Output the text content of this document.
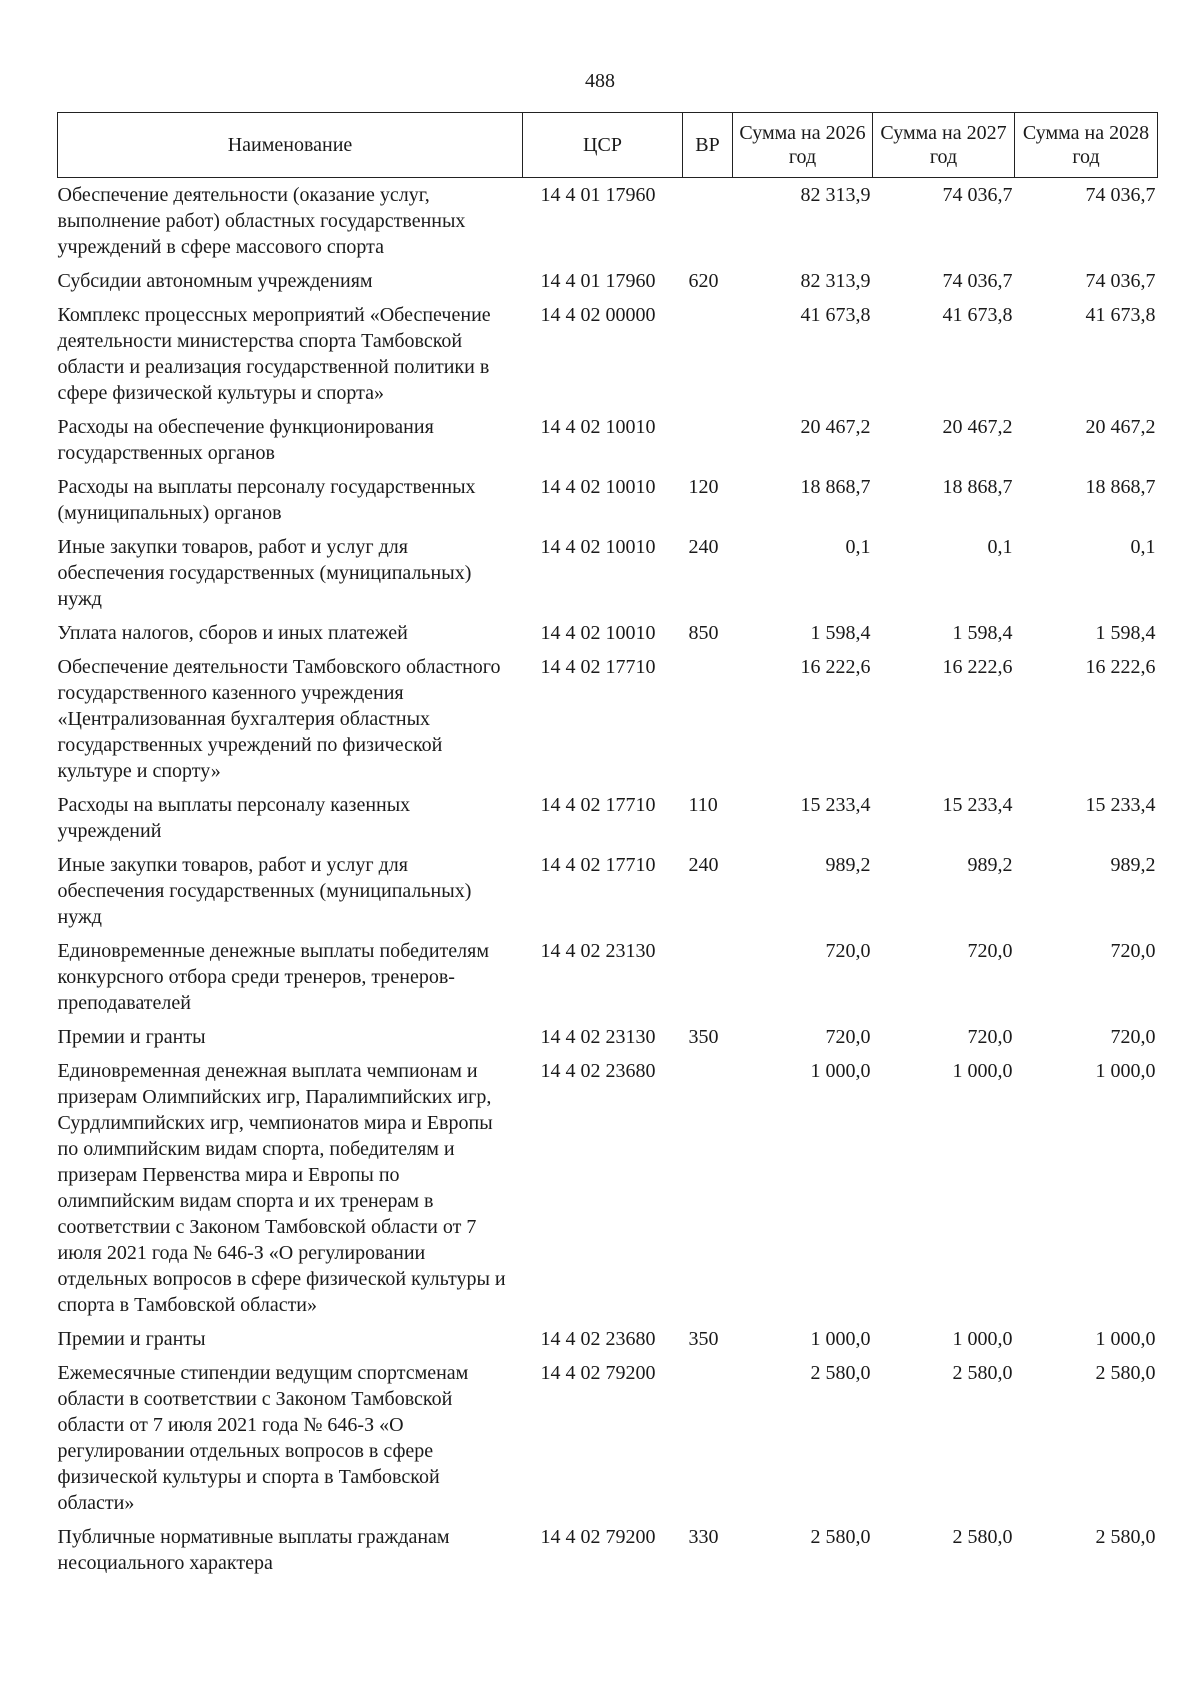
488
Наименование	ЦСР	ВР	Сумма на 2026 год	Сумма на 2027 год	Сумма на 2028 год
Обеспечение деятельности (оказание услуг, выполнение работ) областных государственных учреждений в сфере массового спорта	14 4 01 17960		82 313,9	74 036,7	74 036,7
Субсидии автономным учреждениям	14 4 01 17960	620	82 313,9	74 036,7	74 036,7
Комплекс процессных мероприятий «Обеспечение деятельности министерства спорта Тамбовской области и реализация государственной политики в сфере физической культуры и спорта»	14 4 02 00000		41 673,8	41 673,8	41 673,8
Расходы на обеспечение функционирования государственных органов	14 4 02 10010		20 467,2	20 467,2	20 467,2
Расходы на выплаты персоналу государственных (муниципальных) органов	14 4 02 10010	120	18 868,7	18 868,7	18 868,7
Иные закупки товаров, работ и услуг для обеспечения государственных (муниципальных) нужд	14 4 02 10010	240	0,1	0,1	0,1
Уплата налогов, сборов и иных платежей	14 4 02 10010	850	1 598,4	1 598,4	1 598,4
Обеспечение деятельности Тамбовского областного государственного казенного учреждения «Централизованная бухгалтерия областных государственных учреждений по физической культуре и спорту»	14 4 02 17710		16 222,6	16 222,6	16 222,6
Расходы на выплаты персоналу казенных учреждений	14 4 02 17710	110	15 233,4	15 233,4	15 233,4
Иные закупки товаров, работ и услуг для обеспечения государственных (муниципальных) нужд	14 4 02 17710	240	989,2	989,2	989,2
Единовременные денежные выплаты победителям конкурсного отбора среди тренеров, тренеров-преподавателей	14 4 02 23130		720,0	720,0	720,0
Премии и гранты	14 4 02 23130	350	720,0	720,0	720,0
Единовременная денежная выплата чемпионам и призерам Олимпийских игр, Паралимпийских игр, Сурдлимпийских игр, чемпионатов мира и Европы по олимпийским видам спорта, победителям и призерам Первенства мира и Европы по олимпийским видам спорта и их тренерам в соответствии с Законом Тамбовской области от 7 июля 2021 года № 646-З «О регулировании отдельных вопросов в сфере физической культуры и спорта в Тамбовской области»	14 4 02 23680		1 000,0	1 000,0	1 000,0
Премии и гранты	14 4 02 23680	350	1 000,0	1 000,0	1 000,0
Ежемесячные стипендии ведущим спортсменам области в соответствии с Законом Тамбовской области от 7 июля 2021 года № 646-З «О регулировании отдельных вопросов в сфере физической культуры и спорта в Тамбовской области»	14 4 02 79200		2 580,0	2 580,0	2 580,0
Публичные нормативные выплаты гражданам несоциального характера	14 4 02 79200	330	2 580,0	2 580,0	2 580,0
